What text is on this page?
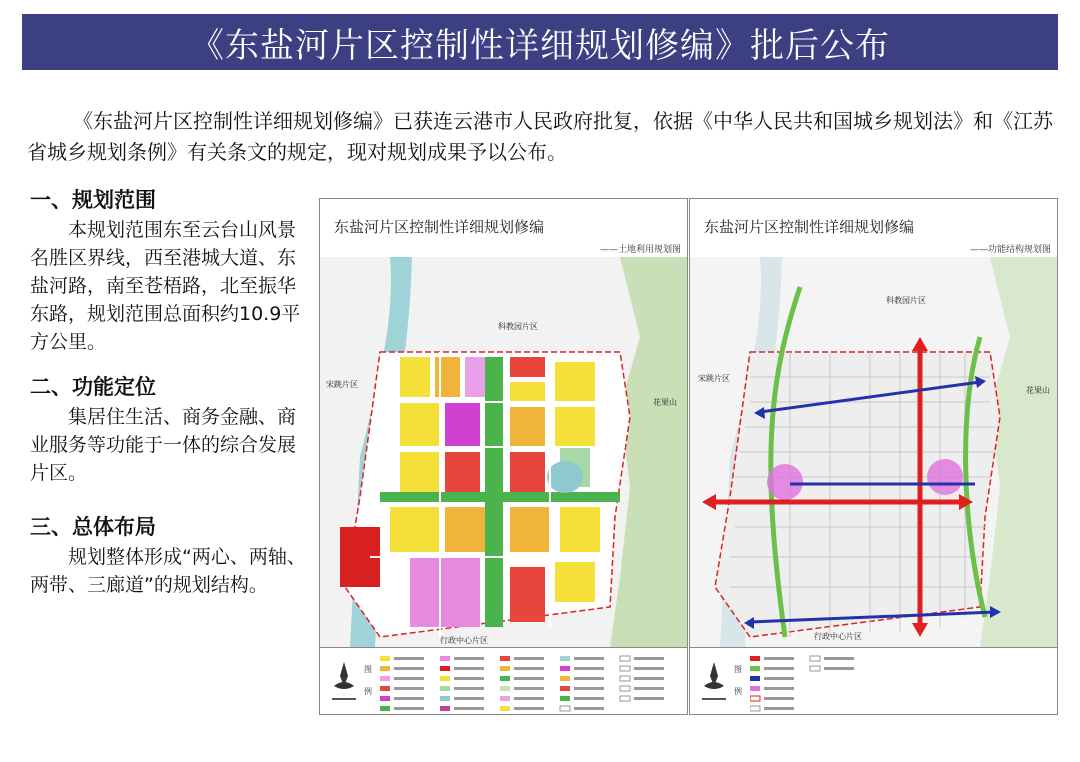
《东盐河片区控制性详细规划修编》批后公布
《东盐河片区控制性详细规划修编》已获连云港市人民政府批复，依据《中华人民共和国城乡规划法》和《江苏省城乡规划条例》有关条文的规定，现对规划成果予以公布。
一、规划范围
本规划范围东至云台山风景名胜区界线，西至港城大道、东盐河路，南至苍梧路，北至振华东路，规划范围总面积约10.9平方公里。
二、功能定位
集居住生活、商务金融、商业服务等功能于一体的综合发展片区。
三、总体布局
规划整体形成“两心、两轴、两带、三廊道”的规划结构。
东盐河片区控制性详细规划修编
——土地利用规划图
科教园片区
宋跳片区
花果山
行政中心片区
图
例
东盐河片区控制性详细规划修编
——功能结构规划图
科教园片区
宋跳片区
花果山
行政中心片区
图
例
